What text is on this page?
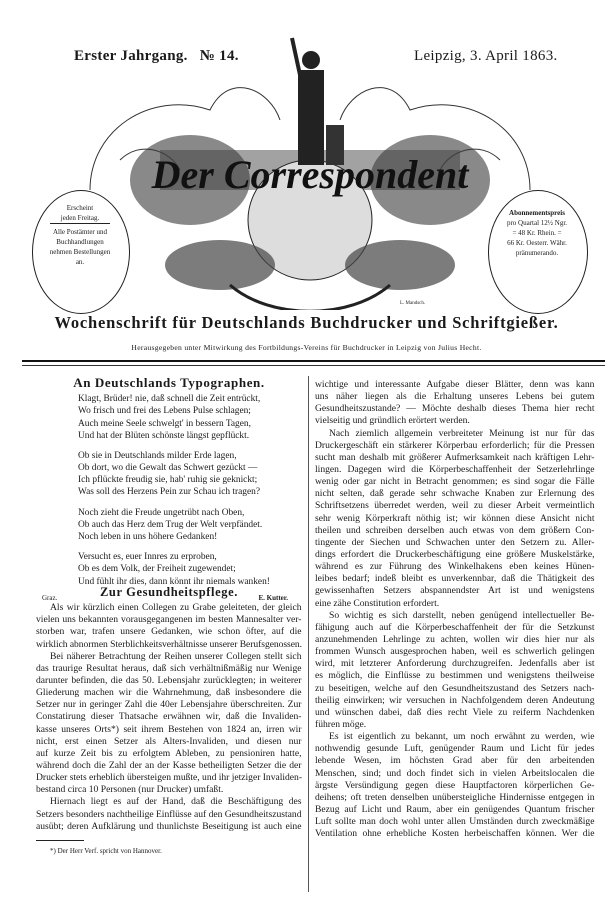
Erster Jahrgang. № 14.	Leipzig, 3. April 1863.
Der Correspondent
L. Mandsch.
Erscheint
jeden Freitag.
Alle Postämter und
Buchhandlungen
nehmen Bestellungen
an.
Abonnementspreis
pro Quartal 12½ Ngr.
= 48 Kr. Rhein. =
66 Kr. Oesterr. Währ.
pränumerando.
Wochenschrift für Deutschlands Buchdrucker und Schriftgießer.
Herausgegeben unter Mitwirkung des Fortbildungs-Vereins für Buchdrucker in Leipzig von Julius Hecht.
An Deutschlands Typographen.
Klagt, Brüder! nie, daß schnell die Zeit entrückt,
Wo frisch und frei des Lebens Pulse schlagen;
Auch meine Seele schwelgt' in bessern Tagen,
Und hat der Blüten schönste längst gepflückt.
Ob sie in Deutschlands milder Erde lagen,
Ob dort, wo die Gewalt das Schwert gezückt —
Ich pflückte freudig sie, hab' ruhig sie geknickt;
Was soll des Herzens Pein zur Schau ich tragen?
Noch zieht die Freude ungetrübt nach Oben,
Ob auch das Herz dem Trug der Welt verpfändet.
Noch leben in uns höhere Gedanken!
Versucht es, euer Innres zu erproben,
Ob es dem Volk, der Freiheit zugewendet;
Und fühlt ihr dies, dann könnt ihr niemals wanken!
Graz.	E. Kutter.
Zur Gesundheitspflege.
Als wir kürzlich einen Collegen zu Grabe geleiteten, der gleich
vielen uns bekannten vorausgegangenen im besten Mannesalter ver-
storben war, trafen unsere Gedanken, wie schon öfter, auf die
wirklich abnormen Sterblichkeitsverhältnisse unserer Berufsgenossen.
Bei näherer Betrachtung der Reihen unserer Collegen stellt sich
das traurige Resultat heraus, daß sich verhältnißmäßig nur Wenige
darunter befinden, die das 50. Lebensjahr zurücklegten; in weiterer
Gliederung machen wir die Wahrnehmung, daß insbesondere die
Setzer nur in geringer Zahl die 40er Lebensjahre überschreiten. Zur
Constatirung dieser Thatsache erwähnen wir, daß die Invaliden-
kasse unseres Orts*) seit ihrem Bestehen von 1824 an, irren wir
nicht, erst einen Setzer als Alters-Invaliden, und diesen nur
auf kurze Zeit bis zu erfolgtem Ableben, zu pensioniren hatte,
während doch die Zahl der an der Kasse betheiligten Setzer die der
Drucker stets erheblich übersteigen mußte, und ihr jetziger Invaliden-
bestand circa 10 Personen (nur Drucker) umfaßt.
Hiernach liegt es auf der Hand, daß die Beschäftigung des
Setzers besonders nachtheilige Einflüsse auf den Gesundheitszustand
ausübt; deren Aufklärung und thunlichste Beseitigung ist auch eine
*) Der Herr Verf. spricht von Hannover.
wichtige und interessante Aufgabe dieser Blätter, denn was kann
uns näher liegen als die Erhaltung unseres Lebens bei gutem
Gesundheitszustande? — Möchte deshalb dieses Thema hier recht
vielseitig und gründlich erörtert werden.
Nach ziemlich allgemein verbreiteter Meinung ist nur für das
Druckergeschäft ein stärkerer Körperbau erforderlich; für die Pressen
sucht man deshalb mit größerer Aufmerksamkeit nach kräftigen Lehr-
lingen. Dagegen wird die Körperbeschaffenheit der Setzerlehrlinge
wenig oder gar nicht in Betracht genommen; es sind sogar die Fälle
nicht selten, daß gerade sehr schwache Knaben zur Erlernung des
Schriftsetzens überredet werden, weil zu dieser Arbeit vermeintlich
sehr wenig Körperkraft nöthig ist; wir können diese Ansicht nicht
theilen und schreiben derselben auch etwas von dem größern Con-
tingente der Siechen und Schwachen unter den Setzern zu. Aller-
dings erfordert die Druckerbeschäftigung eine größere Muskelstärke,
während es zur Führung des Winkelhakens eben keines Hünen-
leibes bedarf; indeß bleibt es unverkennbar, daß die Thätigkeit des
gewissenhaften Setzers abspannendster Art ist und wenigstens
eine zähe Constitution erfordert.
So wichtig es sich darstellt, neben genügend intellectueller Be-
fähigung auch auf die Körperbeschaffenheit der für die Setzkunst
anzunehmenden Lehrlinge zu achten, wollen wir dies hier nur als
frommen Wunsch ausgesprochen haben, weil es schwerlich gelingen
wird, mit letzterer Anforderung durchzugreifen. Jedenfalls aber ist
es möglich, die Einflüsse zu bestimmen und wenigstens theilweise
zu beseitigen, welche auf den Gesundheitszustand des Setzers nach-
theilig einwirken; wir versuchen in Nachfolgendem deren Andeutung
und wünschen dabei, daß dies recht Viele zu reiferm Nachdenken
führen möge.
Es ist eigentlich zu bekannt, um noch erwähnt zu werden, wie
nothwendig gesunde Luft, genügender Raum und Licht für jedes
lebende Wesen, im höchsten Grad aber für den arbeitenden
Menschen, sind; und doch findet sich in vielen Arbeitslocalen die
ärgste Versündigung gegen diese Hauptfactoren körperlichen Ge-
deihens; oft treten denselben unübersteigliche Hindernisse entgegen in
Bezug auf Licht und Raum, aber ein genügendes Quantum frischer
Luft sollte man doch wohl unter allen Umständen durch zweckmäßige
Ventilation ohne erhebliche Kosten herbeischaffen können. Wer die
